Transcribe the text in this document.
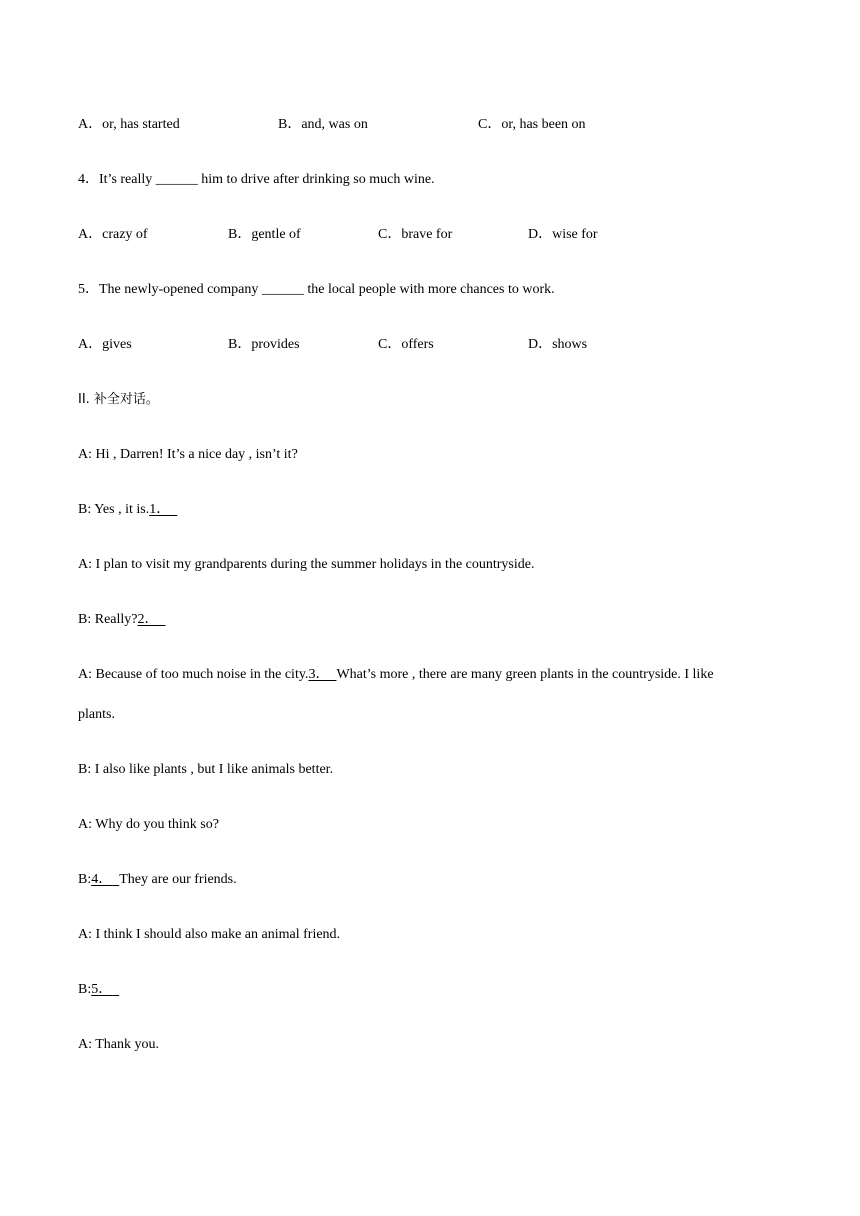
A．or, has started	B．and, was on	C．or, has been on
4．It’s really ______ him to drive after drinking so much wine.
A．crazy of	B．gentle of	C．brave for	D．wise for
5．The newly-opened company ______ the local people with more chances to work.
A．gives	B．provides	C．offers	D．shows
II. 补全对话。
A: Hi , Darren! It’s a nice day , isn’t it?
B: Yes , it is.1．
A: I plan to visit my grandparents during the summer holidays in the countryside.
B: Really?2．
A: Because of too much noise in the city.3． What’s more , there are many green plants in the countryside. I like
plants.
B: I also like plants , but I like animals better.
A: Why do you think so?
B:4． They are our friends.
A: I think I should also make an animal friend.
B:5．
A: Thank you.
